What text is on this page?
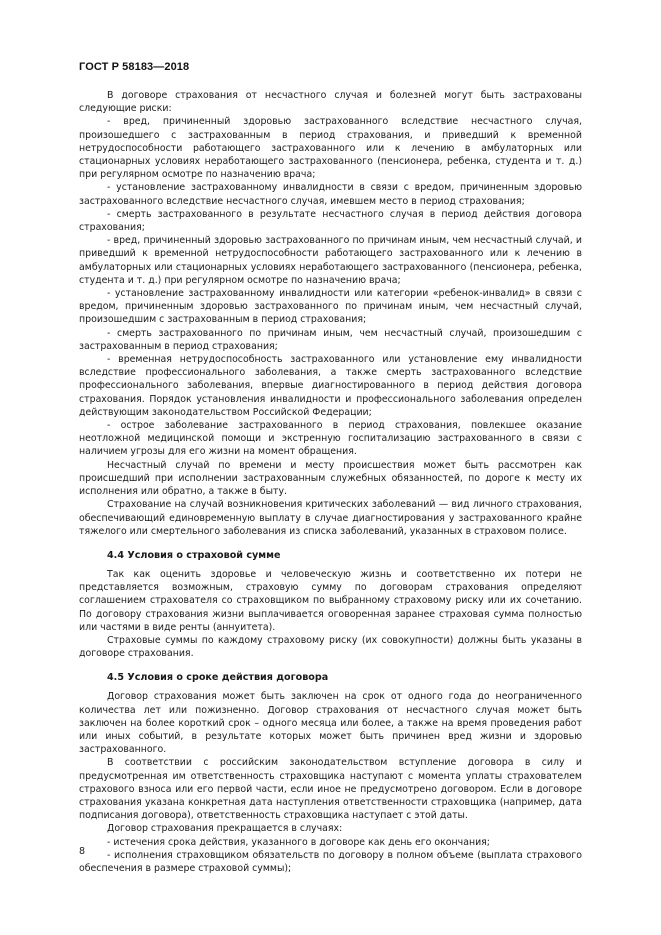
ГОСТ Р 58183—2018

В договоре страхования от несчастного случая и болезней могут быть застрахованы следующие риски:

- вред, причиненный здоровью застрахованного вследствие несчастного случая, произошедшего с застрахованным в период страхования, и приведший к временной нетрудоспособности работающего застрахованного или к лечению в амбулаторных или стационарных условиях неработающего застрахованного (пенсионера, ребенка, студента и т. д.) при регулярном осмотре по назначению врача;

- установление застрахованному инвалидности в связи с вредом, причиненным здоровью застрахованного вследствие несчастного случая, имевшем место в период страхования;

- смерть застрахованного в результате несчастного случая в период действия договора страхования;

- вред, причиненный здоровью застрахованного по причинам иным, чем несчастный случай, и приведший к временной нетрудоспособности работающего застрахованного или к лечению в амбулаторных или стационарных условиях неработающего застрахованного (пенсионера, ребенка, студента и т. д.) при регулярном осмотре по назначению врача;

- установление застрахованному инвалидности или категории «ребенок-инвалид» в связи с вредом, причиненным здоровью застрахованного по причинам иным, чем несчастный случай, произошедшим с застрахованным в период страхования;

- смерть застрахованного по причинам иным, чем несчастный случай, произошедшим с застрахованным в период страхования;

- временная нетрудоспособность застрахованного или установление ему инвалидности вследствие профессионального заболевания, а также смерть застрахованного вследствие профессионального заболевания, впервые диагностированного в период действия договора страхования. Порядок установления инвалидности и профессионального заболевания определен действующим законодательством Российской Федерации;

- острое заболевание застрахованного в период страхования, повлекшее оказание неотложной медицинской помощи и экстренную госпитализацию застрахованного в связи с наличием угрозы для его жизни на момент обращения.

Несчастный случай по времени и месту происшествия может быть рассмотрен как происшедший при исполнении застрахованным служебных обязанностей, по дороге к месту их исполнения или обратно, а также в быту.

Страхование на случай возникновения критических заболеваний — вид личного страхования, обеспечивающий единовременную выплату в случае диагностирования у застрахованного крайне тяжелого или смертельного заболевания из списка заболеваний, указанных в страховом полисе.

4.4 Условия о страховой сумме

Так как оценить здоровье и человеческую жизнь и соответственно их потери не представляется возможным, страховую сумму по договорам страхования определяют соглашением страхователя со страховщиком по выбранному страховому риску или их сочетанию. По договору страхования жизни выплачивается оговоренная заранее страховая сумма полностью или частями в виде ренты (аннуитета).

Страховые суммы по каждому страховому риску (их совокупности) должны быть указаны в договоре страхования.

4.5 Условия о сроке действия договора

Договор страхования может быть заключен на срок от одного года до неограниченного количества лет или пожизненно. Договор страхования от несчастного случая может быть заключен на более короткий срок – одного месяца или более, а также на время проведения работ или иных событий, в результате которых может быть причинен вред жизни и здоровью застрахованного.

В соответствии с российским законодательством вступление договора в силу и предусмотренная им ответственность страховщика наступают с момента уплаты страхователем страхового взноса или его первой части, если иное не предусмотрено договором. Если в договоре страхования указана конкретная дата наступления ответственности страховщика (например, дата подписания договора), ответственность страховщика наступает с этой даты.

Договор страхования прекращается в случаях:

- истечения срока действия, указанного в договоре как день его окончания;

- исполнения страховщиком обязательств по договору в полном объеме (выплата страхового обеспечения в размере страховой суммы);

8
